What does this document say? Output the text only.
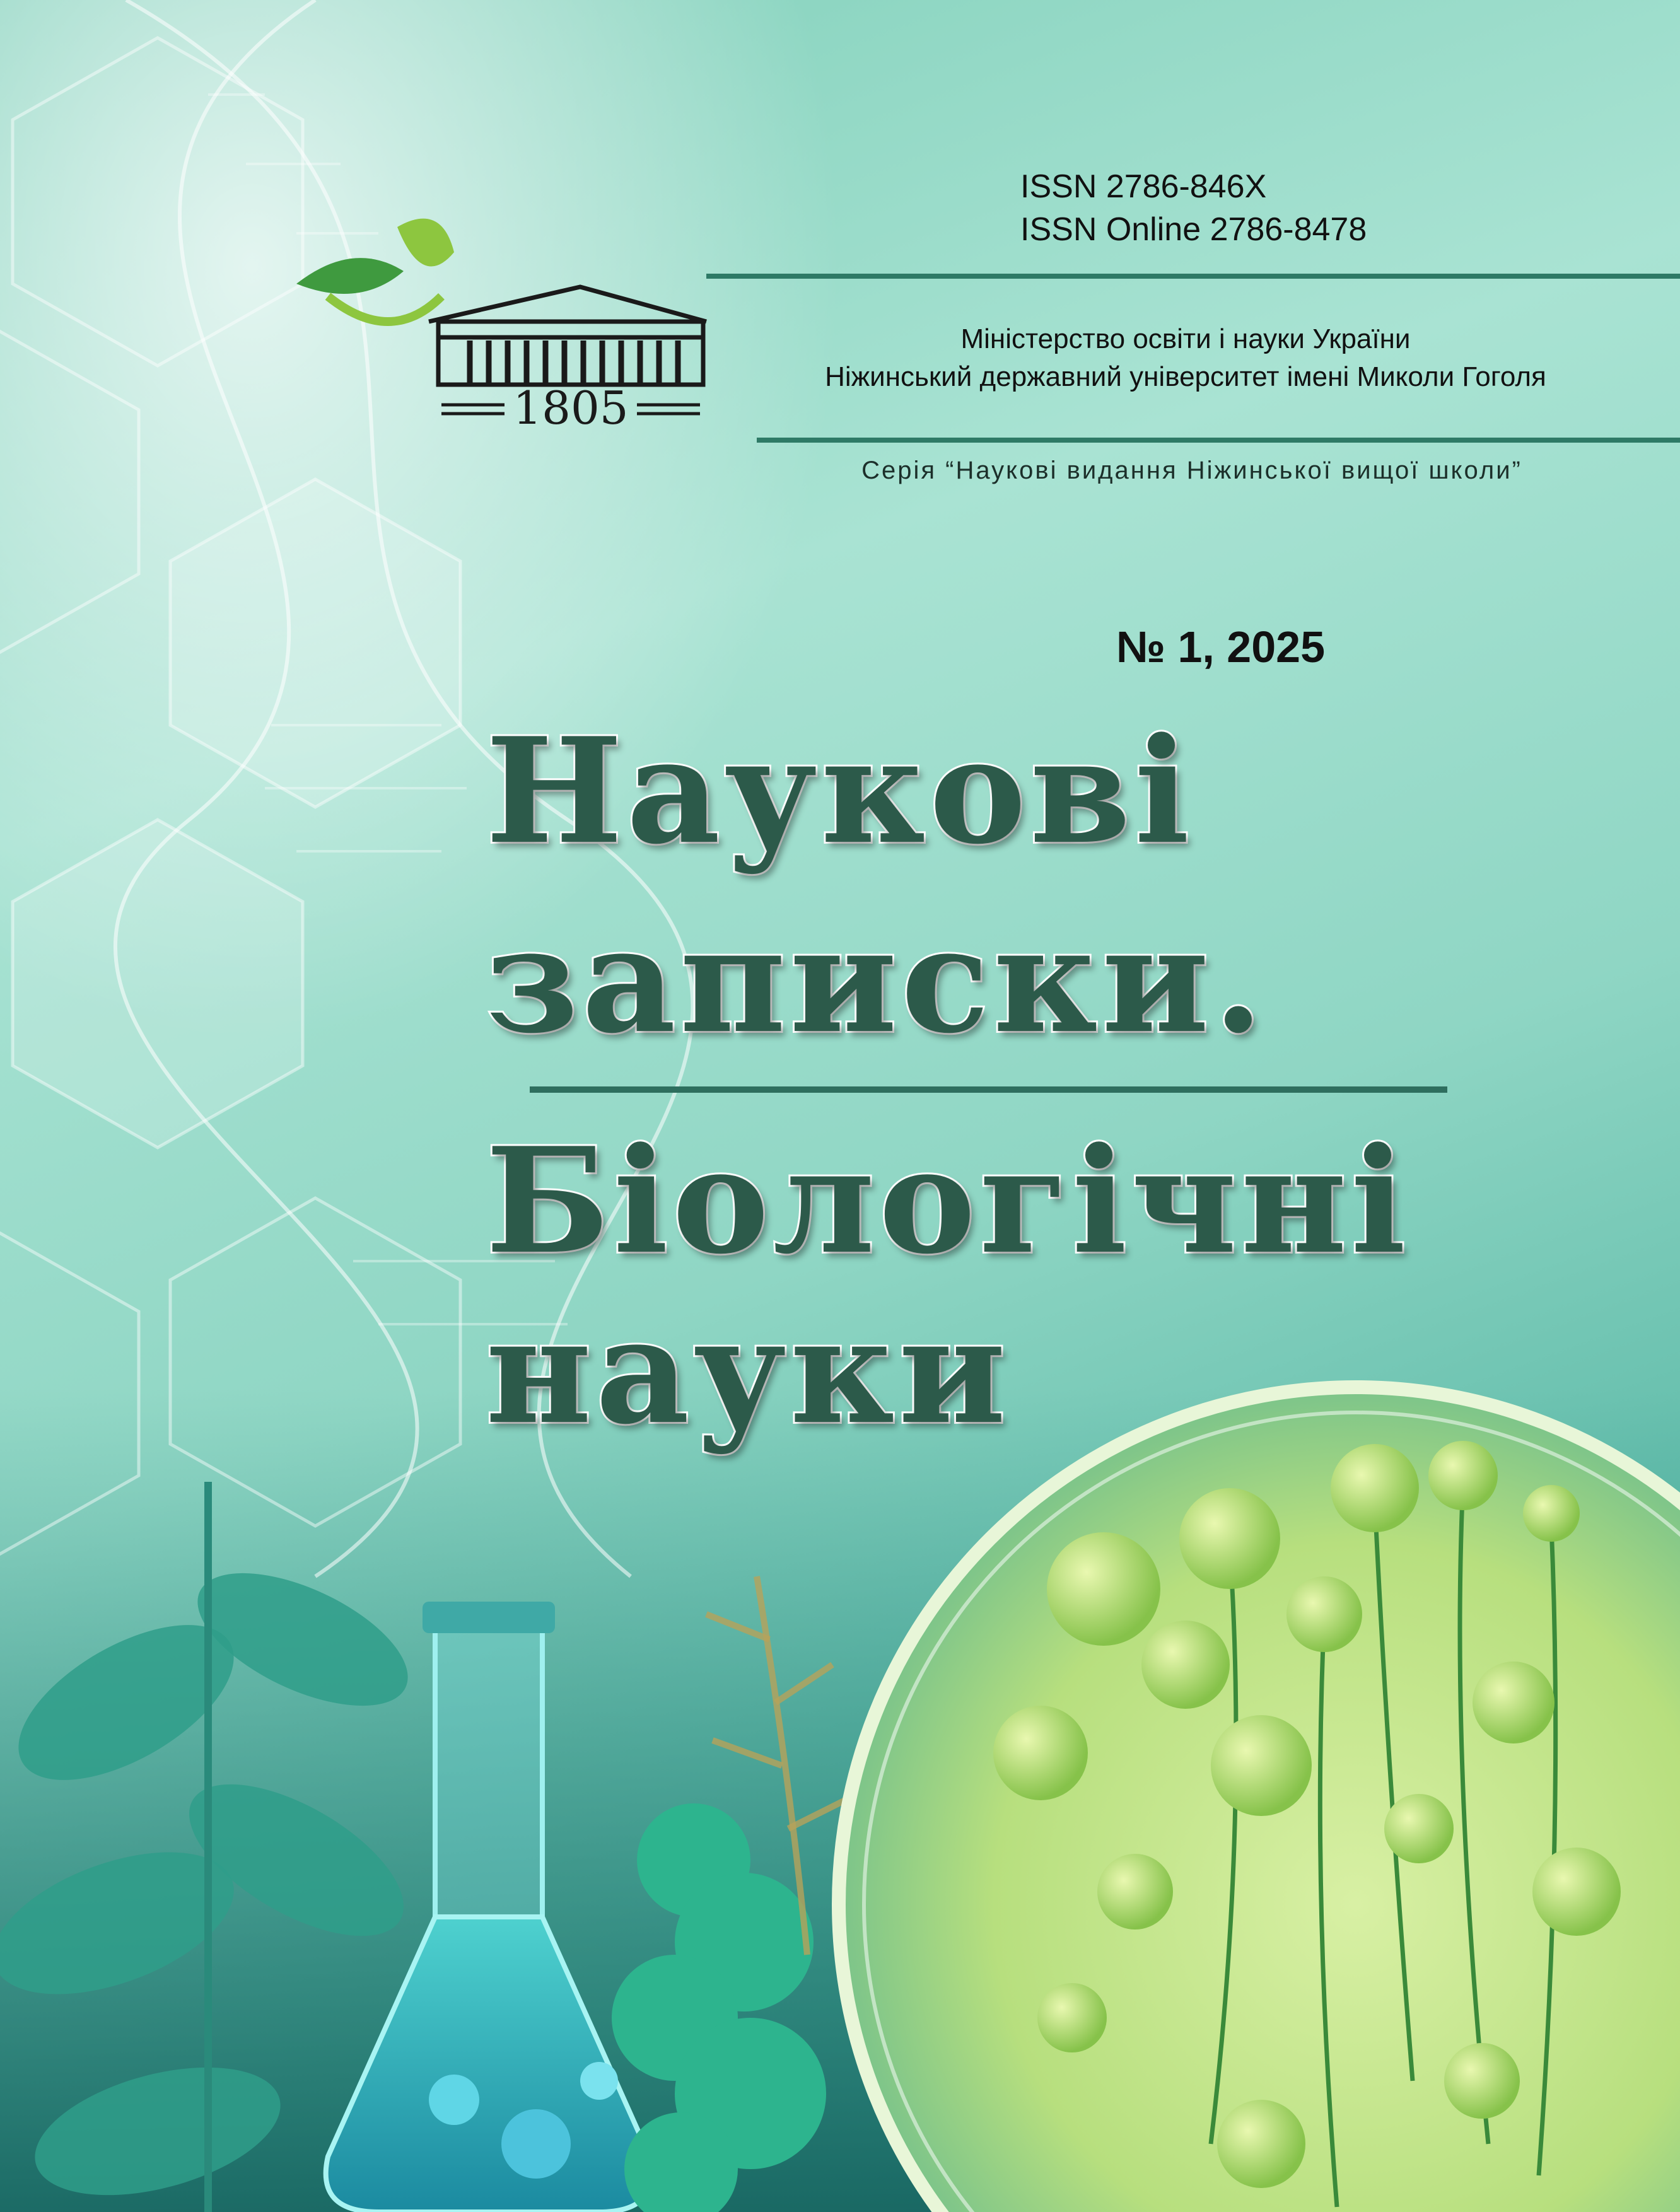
ISSN 2786-846X
ISSN Online 2786-8478
1805
Міністерство освіти і науки України
Ніжинський державний університет імені Миколи Гоголя
Серія “Наукові видання Ніжинської вищої школи”
№ 1, 2025
Наукові
записки.
Біологічні
науки
